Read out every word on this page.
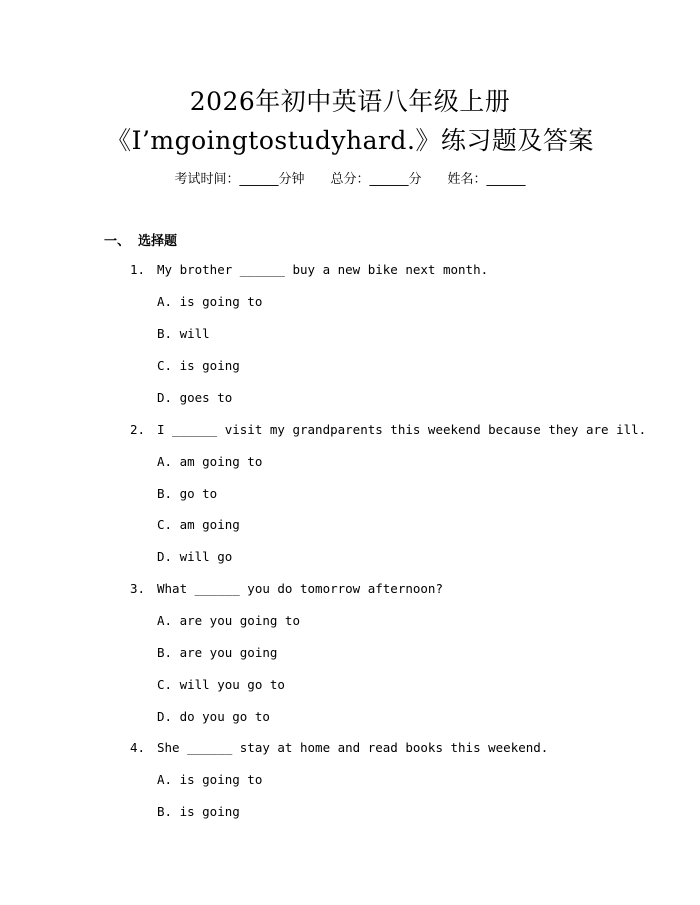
2026年初中英语八年级上册
《I’mgoingtostudyhard.》练习题及答案
考试时间：______分钟 总分：______分 姓名：______
一、 选择题
1. My brother ______ buy a new bike next month.
A. is going to
B. will
C. is going
D. goes to
2. I ______ visit my grandparents this weekend because they are ill.
A. am going to
B. go to
C. am going
D. will go
3. What ______ you do tomorrow afternoon?
A. are you going to
B. are you going
C. will you go to
D. do you go to
4. She ______ stay at home and read books this weekend.
A. is going to
B. is going
